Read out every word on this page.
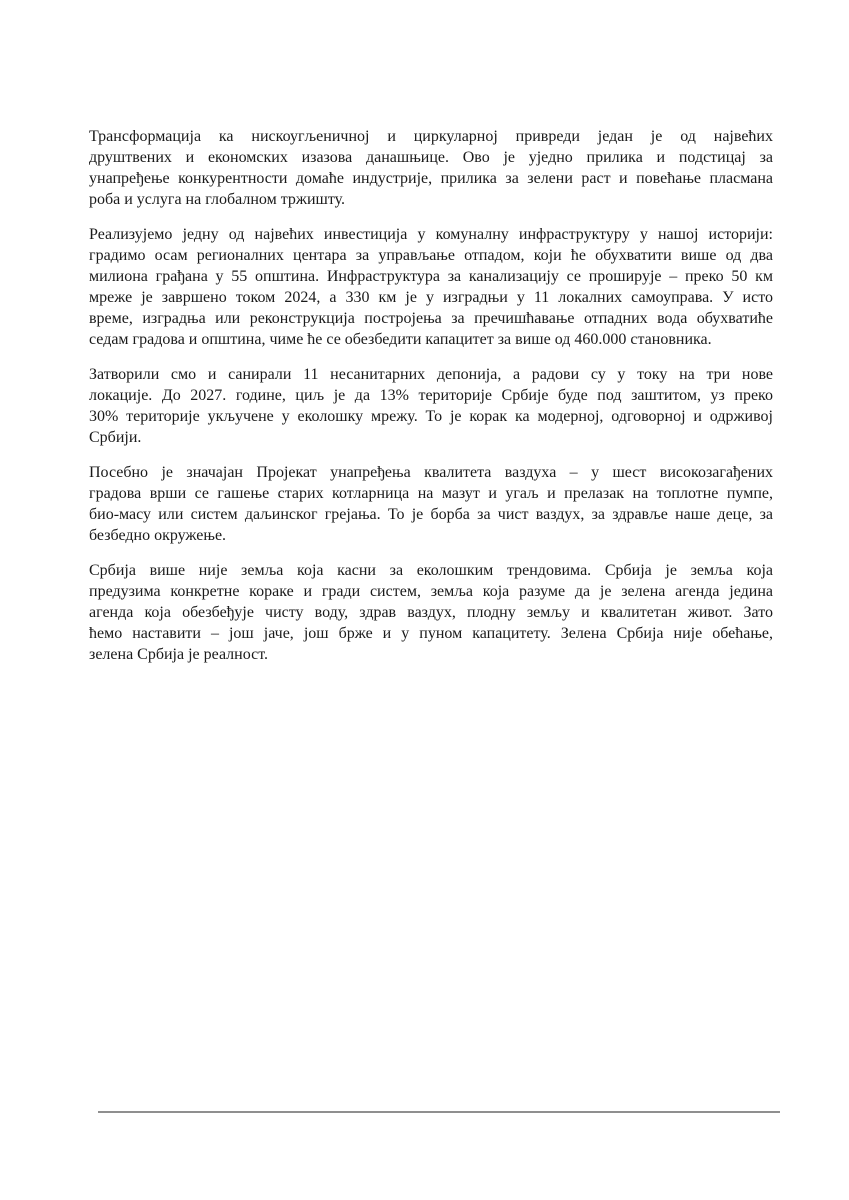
Трансформација ка нискоугљеничној и циркуларној привреди један је од највећих
друштвених и економских изазова данашњице. Ово је уједно прилика и подстицај за
унапређење конкурентности домаће индустрије, прилика за зелени раст и повећање пласмана
роба и услуга на глобалном тржишту.

Реализујемо једну од највећих инвестиција у комуналну инфраструктуру у нашој историји:
градимо осам регионалних центара за управљање отпадом, који ће обухватити више од два
милиона грађана у 55 општина. Инфраструктура за канализацију се проширује – преко 50 км
мреже је завршено током 2024, а 330 км је у изградњи у 11 локалних самоуправа. У исто
време, изградња или реконструкција постројења за пречишћавање отпадних вода обухватиће
седам градова и општина, чиме ће се обезбедити капацитет за више од 460.000 становника.

Затворили смо и санирали 11 несанитарних депонија, а радови су у току на три нове
локације. До 2027. године, циљ је да 13% територије Србије буде под заштитом, уз преко
30% територије укључене у еколошку мрежу. То је корак ка модерној, одговорној и одрживој
Србији.

Посебно је значајан Пројекат унапређења квалитета ваздуха – у шест високозагађених
градова врши се гашење старих котларница на мазут и угаљ и прелазак на топлотне пумпе,
био-масу или систем даљинског грејања. То је борба за чист ваздух, за здравље наше деце, за
безбедно окружење.

Србија више није земља која касни за еколошким трендовима. Србија је земља која
предузима конкретне кораке и гради систем, земља која разуме да је зелена агенда једина
агенда која обезбеђује чисту воду, здрав ваздух, плодну земљу и квалитетан живот. Зато
ћемо наставити – још јаче, још брже и у пуном капацитету. Зелена Србија није обећање,
зелена Србија је реалност.
